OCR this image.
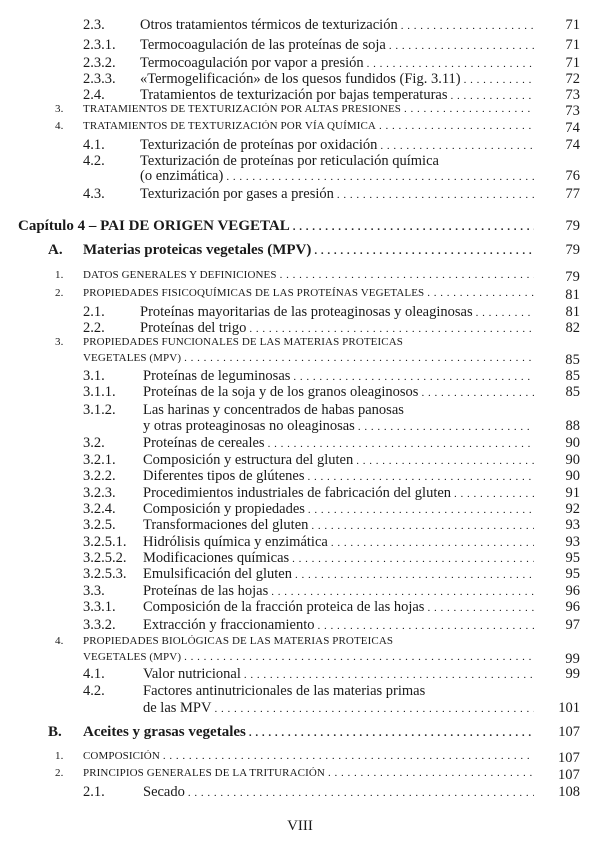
2.3. Otros tratamientos térmicos de texturización . . .	71
2.3.1. Termocoagulación de las proteínas de soja . . .	71
2.3.2. Termocoagulación por vapor a presión . . .	71
2.3.3. «Termogelificación» de los quesos fundidos (Fig. 3.11) . . .	72
2.4. Tratamientos de texturización por bajas temperaturas . . .	73
3. TRATAMIENTOS DE TEXTURIZACIÓN POR ALTAS PRESIONES . . .	73
4. TRATAMIENTOS DE TEXTURIZACIÓN POR VÍA QUÍMICA . . .	74
4.1. Texturización de proteínas por oxidación . . .	74
4.2. Texturización de proteínas por reticulación química
(o enzimática) . . .	76
4.3. Texturización por gases a presión . . .	77
Capítulo 4 – PAI DE ORIGEN VEGETAL . . .	79
A. Materias proteicas vegetales (MPV) . . .	79
1. DATOS GENERALES Y DEFINICIONES . . .	79
2. PROPIEDADES FISICOQUÍMICAS DE LAS PROTEÍNAS VEGETALES . . .	81
2.1. Proteínas mayoritarias de las proteaginosas y oleaginosas . . .	81
2.2. Proteínas del trigo . . .	82
3. PROPIEDADES FUNCIONALES DE LAS MATERIAS PROTEICAS
VEGETALES (MPV) . . .	85
3.1.	Proteínas de leguminosas . . .	85
3.1.1. Proteínas de la soja y de los granos oleaginosos . . .	85
3.1.2. Las harinas y concentrados de habas panosas
y otras proteaginosas no oleaginosas . . .	88
3.2.	Proteínas de cereales . . .	90
3.2.1. Composición y estructura del gluten . . .	90
3.2.2. Diferentes tipos de glútenes . . .	90
3.2.3. Procedimientos industriales de fabricación del gluten . . .	91
3.2.4. Composición y propiedades . . .	92
3.2.5. Transformaciones del gluten . . .	93
3.2.5.1. Hidrólisis química y enzimática . . .	93
3.2.5.2. Modificaciones químicas . . .	95
3.2.5.3. Emulsificación del gluten . . .	95
3.3.	Proteínas de las hojas . . .	96
3.3.1. Composición de la fracción proteica de las hojas . . .	96
3.3.2. Extracción y fraccionamiento . . .	97
4. PROPIEDADES BIOLÓGICAS DE LAS MATERIAS PROTEICAS
VEGETALES (MPV) . . .	99
4.1.	Valor nutricional . . .	99
4.2.	Factores antinutricionales de las materias primas
de las MPV . . .	101
B. Aceites y grasas vegetales . . .	107
1. COMPOSICIÓN . . .	107
2. PRINCIPIOS GENERALES DE LA TRITURACIÓN . . .	107
2.1.	Secado . . .	108
VIII
